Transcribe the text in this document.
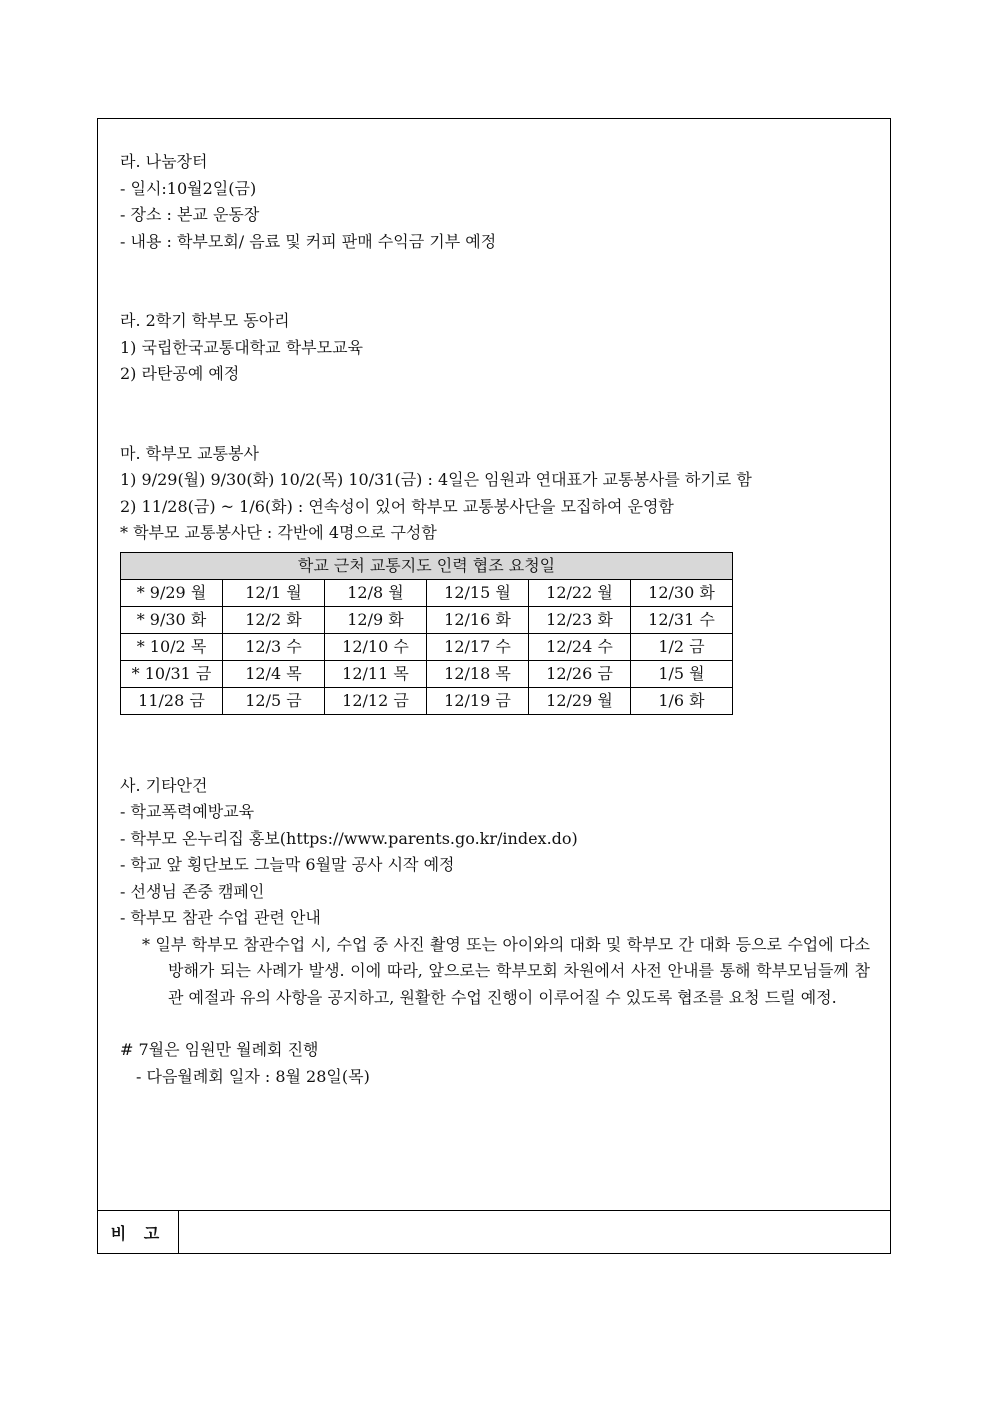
라. 나눔장터
- 일시:10월2일(금)
- 장소 : 본교 운동장
- 내용 : 학부모회/ 음료 및 커피 판매 수익금 기부 예정
라. 2학기 학부모 동아리
1) 국립한국교통대학교 학부모교육
2) 라탄공예 예정
마. 학부모 교통봉사
1) 9/29(월) 9/30(화) 10/2(목) 10/31(금) : 4일은 임원과 연대표가 교통봉사를 하기로 함
2) 11/28(금) ~ 1/6(화) : 연속성이 있어 학부모 교통봉사단을 모집하여 운영함
* 학부모 교통봉사단 : 각반에 4명으로 구성함
학교 근처 교통지도 인력 협조 요청일					
* 9/29 월	12/1 월	12/8 월	12/15 월	12/22 월	12/30 화
* 9/30 화	12/2 화	12/9 화	12/16 화	12/23 화	12/31 수
* 10/2 목	12/3 수	12/10 수	12/17 수	12/24 수	1/2 금
* 10/31 금	12/4 목	12/11 목	12/18 목	12/26 금	1/5 월
11/28 금	12/5 금	12/12 금	12/19 금	12/29 월	1/6 화
사. 기타안건
- 학교폭력예방교육
- 학부모 온누리집 홍보(https://www.parents.go.kr/index.do)
- 학교 앞 횡단보도 그늘막 6월말 공사 시작 예정
- 선생님 존중 캠페인
- 학부모 참관 수업 관련 안내

* 일부 학부모 참관수업 시, 수업 중 사진 촬영 또는 아이와의 대화 및 학부모 간 대화 등으로 수업에 다소 방해가 되는 사례가 발생. 이에 따라, 앞으로는 학부모회 차원에서 사전 안내를 통해 학부모님들께 참관 예절과 유의 사항을 공지하고, 원활한 수업 진행이 이루어질 수 있도록 협조를 요청 드릴 예정.

# 7월은 임원만 월례회 진행
- 다음월례회 일자 : 8월 28일(목)
비 고
